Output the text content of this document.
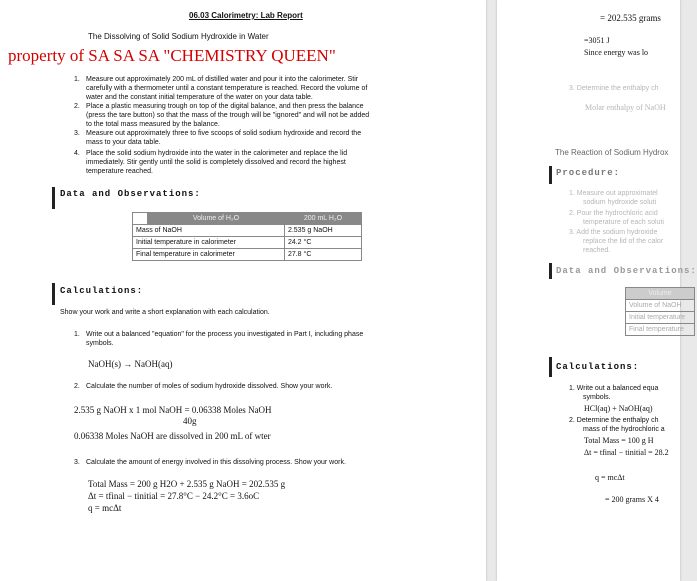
06.03 Calorimetry: Lab Report
The Dissolving of Solid Sodium Hydroxide in Water
property of SA SA SA "CHEMISTRY QUEEN"
1. Measure out approximately 200 mL of distilled water and pour it into the calorimeter. Stir
carefully with a thermometer until a constant temperature is reached. Record the volume of
water and the constant initial temperature of the water on your data table.
2. Place a plastic measuring trough on top of the digital balance, and then press the balance
(press the tare button) so that the mass of the trough will be "ignored" and will not be added
to the total mass measured by the balance.
3. Measure out approximately three to five scoops of solid sodium hydroxide and record the
mass to your data table.
4. Place the solid sodium hydroxide into the water in the calorimeter and replace the lid
immediately. Stir gently until the solid is completely dissolved and record the highest
temperature reached.
Data and Observations:
	Volume of H₂O	200 mL H₂O
Mass of NaOH		2.535 g NaOH
Initial temperature in calorimeter		24.2 °C
Final temperature in calorimeter		27.8 °C
Calculations:
Show your work and write a short explanation with each calculation.
1. Write out a balanced "equation" for the process you investigated in Part I, including phase
symbols.
NaOH(s) → NaOH(aq)
2. Calculate the number of moles of sodium hydroxide dissolved. Show your work.
2.535 g NaOH x 1 mol NaOH = 0.06338 Moles NaOH
40g
0.06338 Moles NaOH are dissolved in 200 mL of wter
3. Calculate the amount of energy involved in this dissolving process. Show your work.
Total Mass = 200 g H2O + 2.535 g NaOH = 202.535 g
Δt = tfinal − tinitial = 27.8°C − 24.2°C = 3.6oC
q = mcΔt
= 202.535 grams
=3051 J
Since energy was lo
3. Determine the enthalpy ch
Molar enthalpy of NaOH
The Reaction of Sodium Hydrox
Procedure:
1. Measure out approximatel
sodium hydroxide soluti
2. Pour the hydrochloric acid
temperature of each soluti
3. Add the sodium hydroxide
replace the lid of the calor
reached.
Data and Observations:
Volume
Volume of NaOH
Initial temperature
Final temperature
Calculations:
1. Write out a balanced equa
symbols.
HCl(aq) + NaOH(aq)
2. Determine the enthalpy ch
mass of the hydrochloric a
Total Mass = 100 g H
Δt = tfinal − tinitial = 28.2
q = mcΔt
= 200 grams X 4
